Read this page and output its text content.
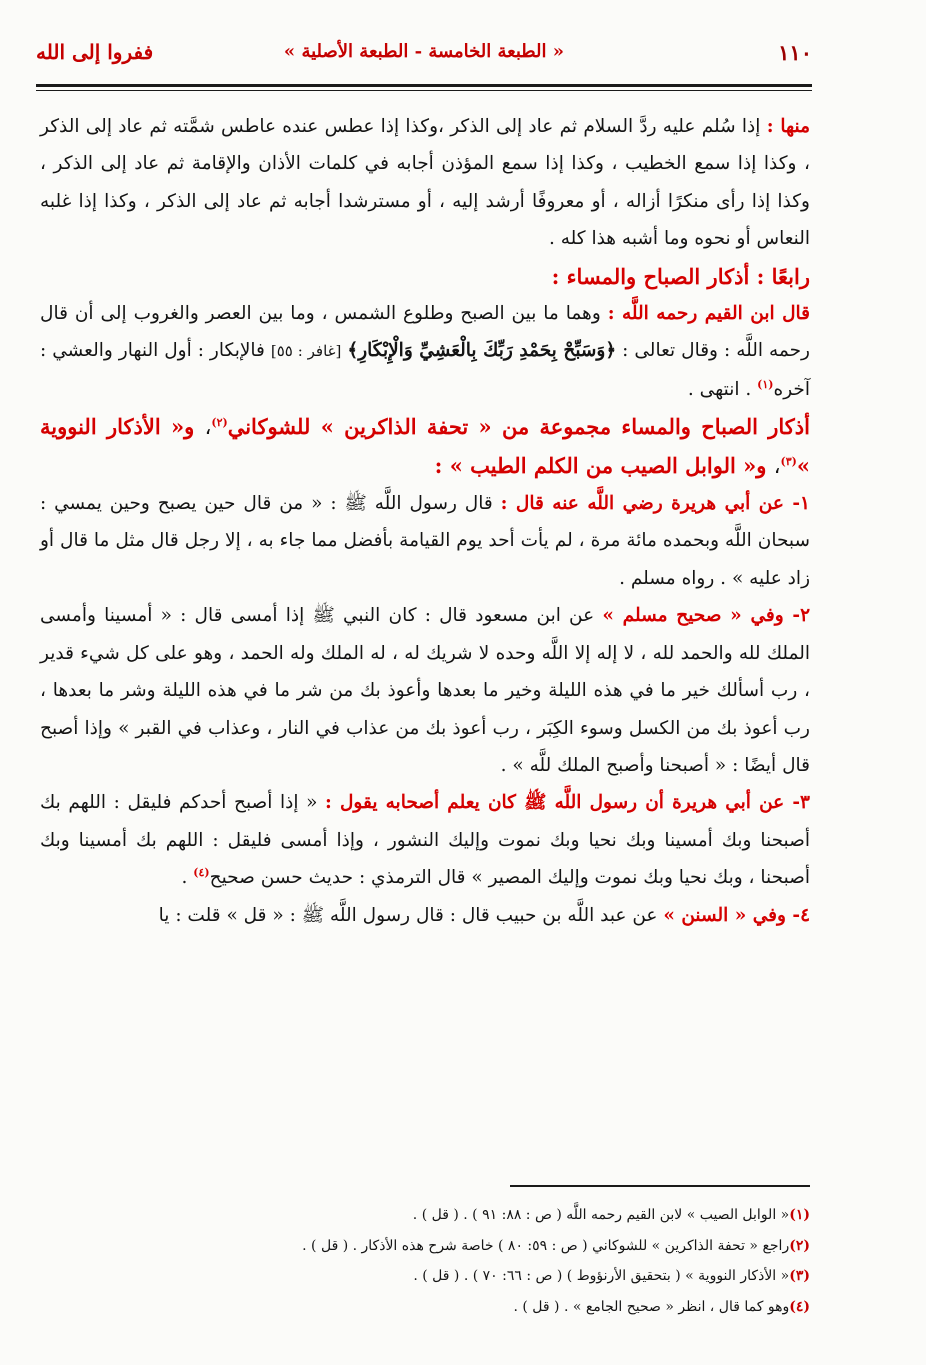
١١٠
« الطبعة الخامسة - الطبعة الأصلية »
ففروا إلى الله

منها : إذا سُلم عليه ردَّ السلام ثم عاد إلى الذكر ،وكذا إذا عطس عنده عاطس شمَّته ثم عاد إلى الذكر ، وكذا إذا سمع الخطيب ، وكذا إذا سمع المؤذن أجابه في كلمات الأذان والإقامة ثم عاد إلى الذكر ، وكذا إذا رأى منكرًا أزاله ، أو معروفًا أرشد إليه ، أو مسترشدا أجابه ثم عاد إلى الذكر ، وكذا إذا غلبه النعاس أو نحوه وما أشبه هذا كله .

رابعًا : أذكار الصباح والمساء :

قال ابن القيم رحمه اللَّه : وهما ما بين الصبح وطلوع الشمس ، وما بين العصر والغروب إلى أن قال رحمه اللَّه : وقال تعالى : ﴿وَسَبِّحْ بِحَمْدِ رَبِّكَ بِالْعَشِيِّ وَالْإِبْكَارِ﴾ [غافر : ٥٥] فالإبكار : أول النهار والعشي : آخره$^{(١)}$ . انتهى .

أذكار الصباح والمساء مجموعة من « تحفة الذاكرين » للشوكاني$^{(٢)}$، و« الأذكار النووية »$^{(٣)}$، و« الوابل الصيب من الكلم الطيب » :

١- عن أبي هريرة رضي اللَّه عنه قال : قال رسول اللَّه ﷺ : « من قال حين يصبح وحين يمسي : سبحان اللَّه وبحمده مائة مرة ، لم يأت أحد يوم القيامة بأفضل مما جاء به ، إلا رجل قال مثل ما قال أو زاد عليه » . رواه مسلم .

٢- وفي « صحيح مسلم » عن ابن مسعود قال : كان النبي ﷺ إذا أمسى قال : « أمسينا وأمسى الملك لله والحمد لله ، لا إله إلا اللَّه وحده لا شريك له ، له الملك وله الحمد ، وهو على كل شيء قدير ، رب أسألك خير ما في هذه الليلة وخير ما بعدها وأعوذ بك من شر ما في هذه الليلة وشر ما بعدها ، رب أعوذ بك من الكسل وسوء الكِبَر ، رب أعوذ بك من عذاب في النار ، وعذاب في القبر » وإذا أصبح قال أيضًا : « أصبحنا وأصبح الملك للَّه » .

٣- عن أبي هريرة أن رسول اللَّه ﷺ كان يعلم أصحابه يقول : « إذا أصبح أحدكم فليقل : اللهم بك أصبحنا وبك أمسينا وبك نحيا وبك نموت وإليك النشور ، وإذا أمسى فليقل : اللهم بك أمسينا وبك أصبحنا ، وبك نحيا وبك نموت وإليك المصير » قال الترمذي : حديث حسن صحيح$^{(٤)}$ .

٤- وفي « السنن » عن عبد اللَّه بن حبيب قال : قال رسول اللَّه ﷺ : « قل » قلت : يا

(١)« الوابل الصيب » لابن القيم رحمه اللَّه ( ص : ٨٨: ٩١ ) . ( قل ) .
(٢)راجع « تحفة الذاكرين » للشوكاني ( ص : ٥٩: ٨٠ ) خاصة شرح هذه الأذكار . ( قل ) .
(٣)« الأذكار النووية » ( بتحقيق الأرنؤوط ) ( ص : ٦٦: ٧٠ ) . ( قل ) .
(٤)وهو كما قال ، انظر « صحيح الجامع » . ( قل ) .
